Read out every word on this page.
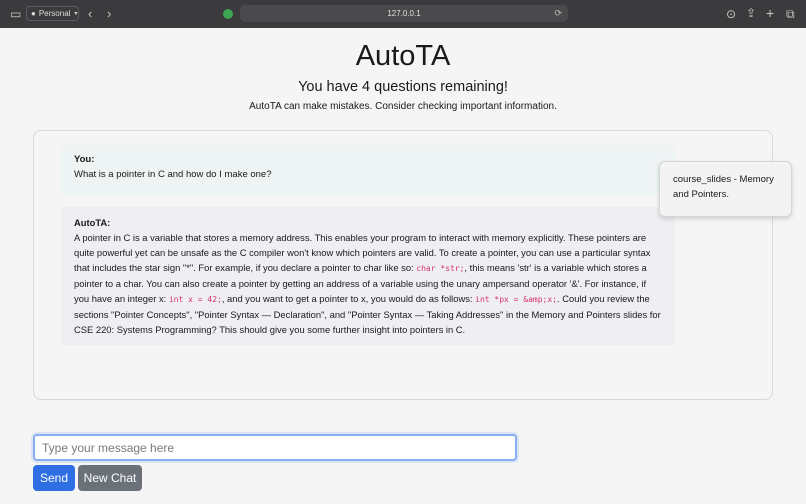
▭ ● Personal ▾ ‹ ›	127.0.0.1	⟳	⊙ ⇪ + ⧉
AutoTA
You have 4 questions remaining!
AutoTA can make mistakes. Consider checking important information.
You:
What is a pointer in C and how do I make one?
AutoTA:
A pointer in C is a variable that stores a memory address. This enables your program to interact with memory explicitly. These pointers are quite powerful yet can be unsafe as the C compiler won't know which pointers are valid. To create a pointer, you can use a particular syntax that includes the star sign "*". For example, if you declare a pointer to char like so: char *str;, this means 'str' is a variable which stores a pointer to a char. You can also create a pointer by getting an address of a variable using the unary ampersand operator '&'. For instance, if you have an integer x: int x = 42;, and you want to get a pointer to x, you would do as follows: int *px = &amp;x;. Could you review the sections "Pointer Concepts", "Pointer Syntax — Declaration", and "Pointer Syntax — Taking Addresses" in the Memory and Pointers slides for CSE 220: Systems Programming? This should give you some further insight into pointers in C.
course_slides - Memory and Pointers.
Type your message here
Send	New Chat
